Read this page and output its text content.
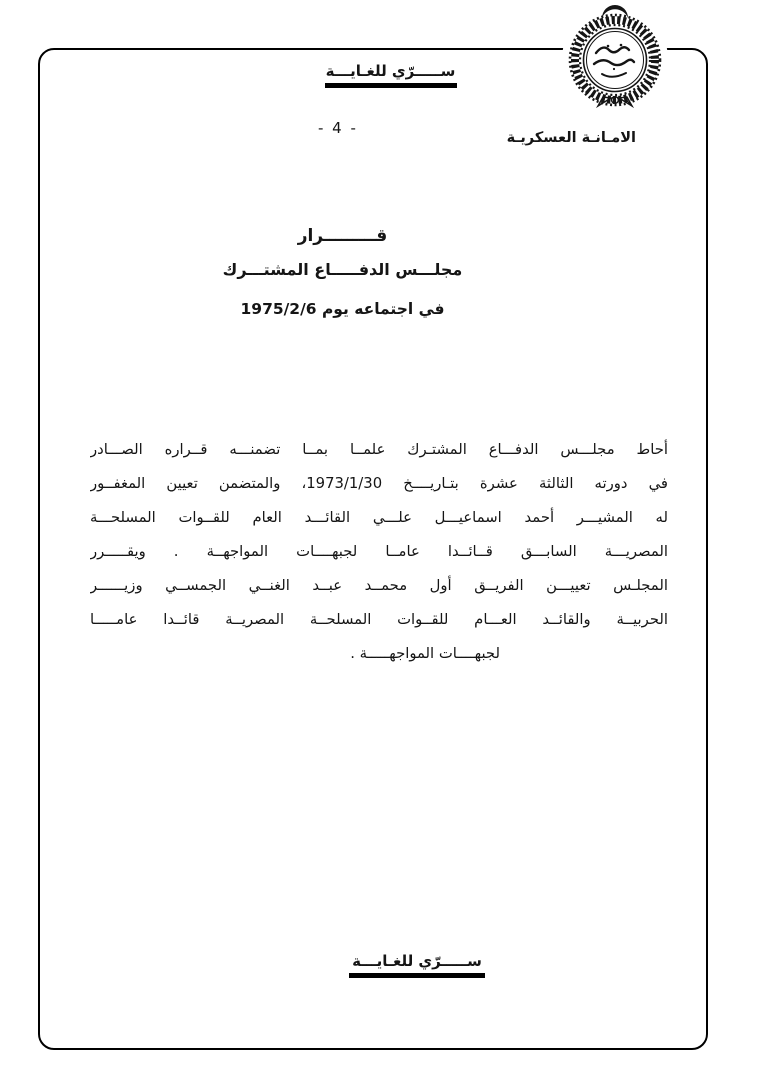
ســـــرّي للغـايـــة
- 4 -
الامـانـة العسكريـة
قـــــــــرار
مجلـــس الدفـــــاع المشتـــرك
في اجتماعه يوم 1975/2/6
أحاط مجلـــس الدفـــاع المشتـرك علمــا بمــا تضمنـــه قــراره الصـــادر
في دورته الثالثة عشرة بتـاريــــخ 1973/1/30، والمتضمن تعيين المغفــور
له المشيـــر أحمد اسماعيـــل علـــي القائـــد العام للقــوات المسلحـــة
المصريـــة السابـــق قــائــدا عامــا لجبهــــات المواجهــة . ويقـــــرر
المجلـس تعييـــن الفريــق أول محمــد عبــد الغنــي الجمســي وزيــــــر
الحربيــة والقائــد العـــام للقــوات المسلحــة المصريــة قائــدا عامـــــا
لجبهــــات المواجهـــــة .
ســـــرّي للغـايـــة
